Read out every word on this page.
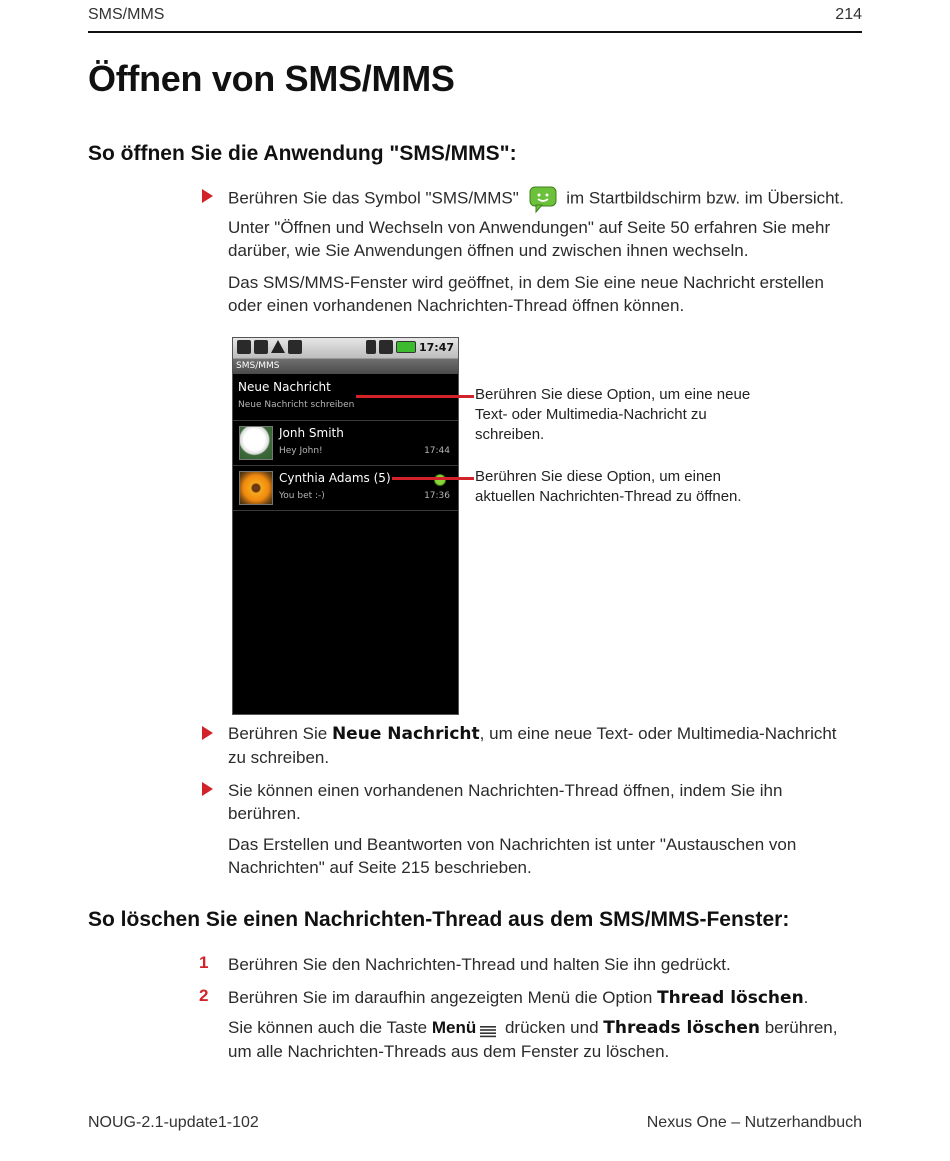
SMS/MMS	214
Öffnen von SMS/MMS
So öffnen Sie die Anwendung "SMS/MMS":
Berühren Sie das Symbol "SMS/MMS"	im Startbildschirm bzw. im Übersicht.
Unter "Öffnen und Wechseln von Anwendungen" auf Seite 50 erfahren Sie mehr
darüber, wie Sie Anwendungen öffnen und zwischen ihnen wechseln.
Das SMS/MMS-Fenster wird geöffnet, in dem Sie eine neue Nachricht erstellen
oder einen vorhandenen Nachrichten-Thread öffnen können.
17:47
SMS/MMS
Neue Nachricht
Neue Nachricht schreiben
Jonh Smith
Hey John!	17:44
Cynthia Adams (5)
You bet :-)	17:36
Berühren Sie diese Option, um eine neue
Text- oder Multimedia-Nachricht zu
schreiben.
Berühren Sie diese Option, um einen
aktuellen Nachrichten-Thread zu öffnen.
Berühren Sie Neue Nachricht, um eine neue Text- oder Multimedia-Nachricht
zu schreiben.
Sie können einen vorhandenen Nachrichten-Thread öffnen, indem Sie ihn
berühren.
Das Erstellen und Beantworten von Nachrichten ist unter "Austauschen von
Nachrichten" auf Seite 215 beschrieben.
So löschen Sie einen Nachrichten-Thread aus dem SMS/MMS-Fenster:
1 Berühren Sie den Nachrichten-Thread und halten Sie ihn gedrückt.
2 Berühren Sie im daraufhin angezeigten Menü die Option Thread löschen.
Sie können auch die Taste Menü drücken und Threads löschen berühren,
um alle Nachrichten-Threads aus dem Fenster zu löschen.
NOUG-2.1-update1-102	Nexus One – Nutzerhandbuch
